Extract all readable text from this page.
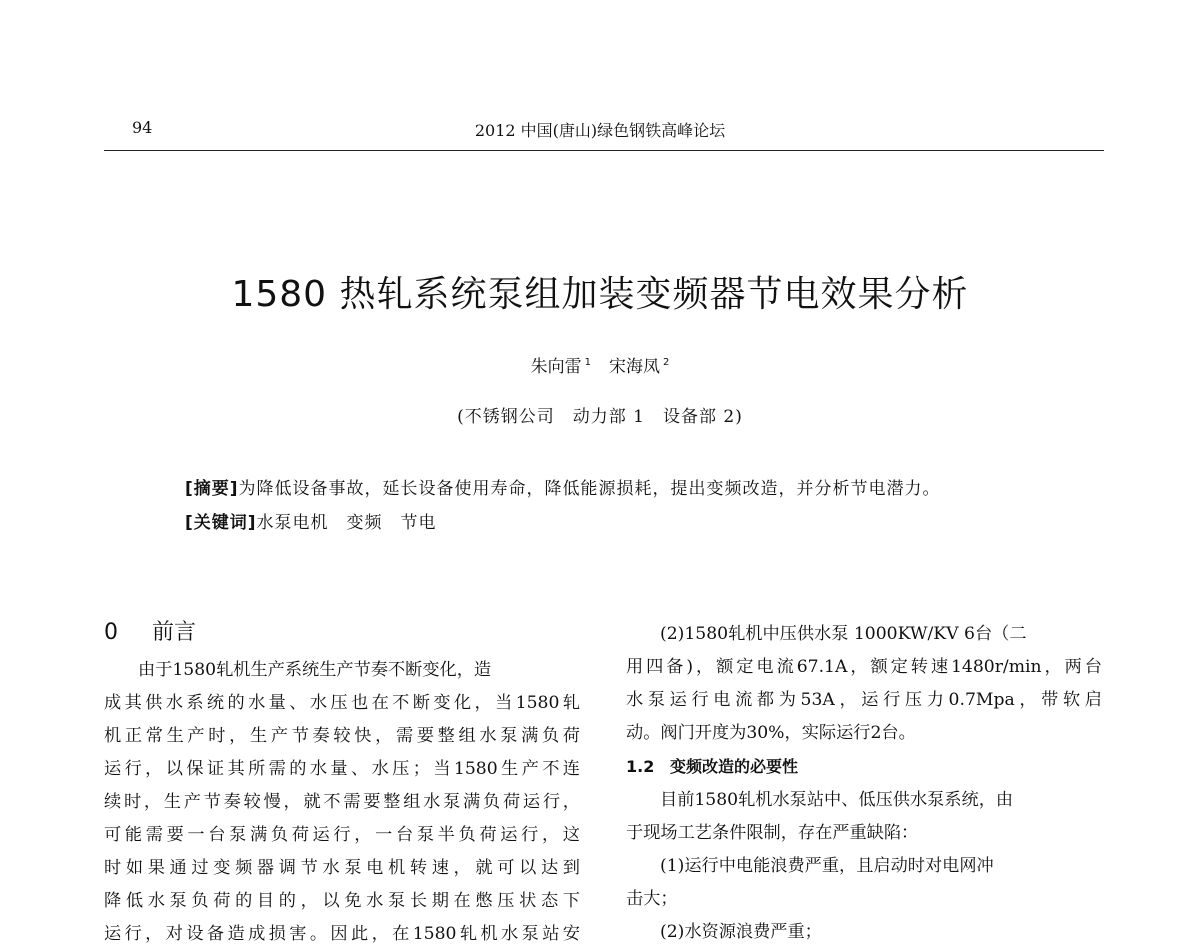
94	2012 中国(唐山)绿色钢铁高峰论坛
1580 热轧系统泵组加装变频器节电效果分析
朱向雷 $^1$ 宋海凤 $^2$
(不锈钢公司　动力部 1　设备部 2)
[摘要]为降低设备事故，延长设备使用寿命，降低能源损耗，提出变频改造，并分析节电潜力。
[关键词]水泵电机　变频　节电
0 前言
由于1580轧机生产系统生产节奏不断变化，造
成其供水系统的水量、水压也在不断变化，当1580轧
机正常生产时，生产节奏较快，需要整组水泵满负荷
运行，以保证其所需的水量、水压；当1580生产不连
续时，生产节奏较慢，就不需要整组水泵满负荷运行，
可能需要一台泵满负荷运行，一台泵半负荷运行，这
时如果通过变频器调节水泵电机转速，就可以达到
降低水泵负荷的目的，以免水泵长期在憋压状态下
运行，对设备造成损害。因此，在1580轧机水泵站安
(2)1580轧机中压供水泵 1000KW/KV 6台（二
用四备)，额定电流67.1A，额定转速1480r/min，两台
水泵运行电流都为53A，运行压力0.7Mpa，带软启
动。阀门开度为30%，实际运行2台。
1.2 变频改造的必要性
目前1580轧机水泵站中、低压供水泵系统，由
于现场工艺条件限制，存在严重缺陷：
(1)运行中电能浪费严重，且启动时对电网冲
击大；
(2)水资源浪费严重；
